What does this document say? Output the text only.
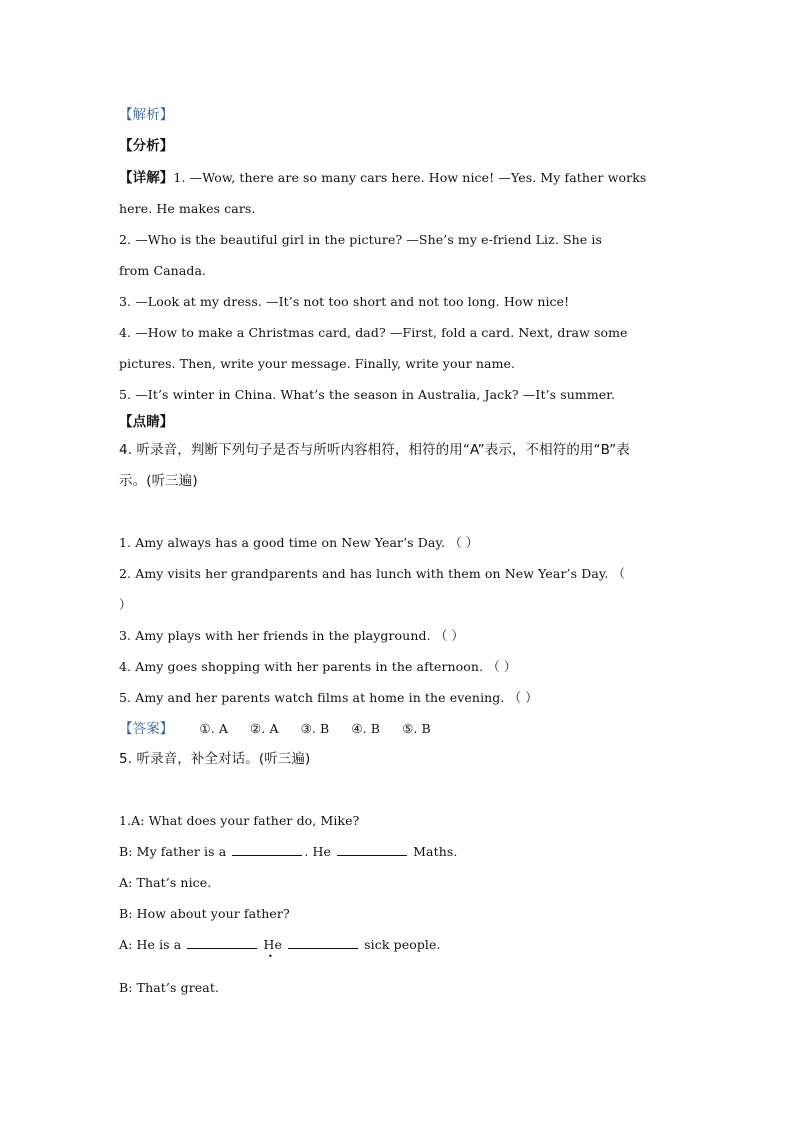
【解析】
【分析】
【详解】1. —Wow, there are so many cars here. How nice! —Yes. My father works
here. He makes cars.
2. —Who is the beautiful girl in the picture? —She’s my e-friend Liz. She is
from Canada.
3. —Look at my dress. —It’s not too short and not too long. How nice!
4. —How to make a Christmas card, dad? —First, fold a card. Next, draw some
pictures. Then, write your message. Finally, write your name.
5. —It’s winter in China. What’s the season in Australia, Jack? —It’s summer.
【点睛】
4. 听录音，判断下列句子是否与所听内容相符，相符的用“A”表示，不相符的用“B”表
示。(听三遍)
1. Amy always has a good time on New Year’s Day. （ ）
2. Amy visits her grandparents and has lunch with them on New Year’s Day. （
）
3. Amy plays with her friends in the playground. （ ）
4. Amy goes shopping with her parents in the afternoon. （ ）
5. Amy and her parents watch films at home in the evening. （ ）
【答案】 ①. A ②. A ③. B ④. B ⑤. B
5. 听录音，补全对话。(听三遍)
1.A: What does your father do, Mike?
B: My father is a	. He	Maths.
A: That’s nice.
B: How about your father?
A: He is a	He	sick people.
•
B: That’s great.
